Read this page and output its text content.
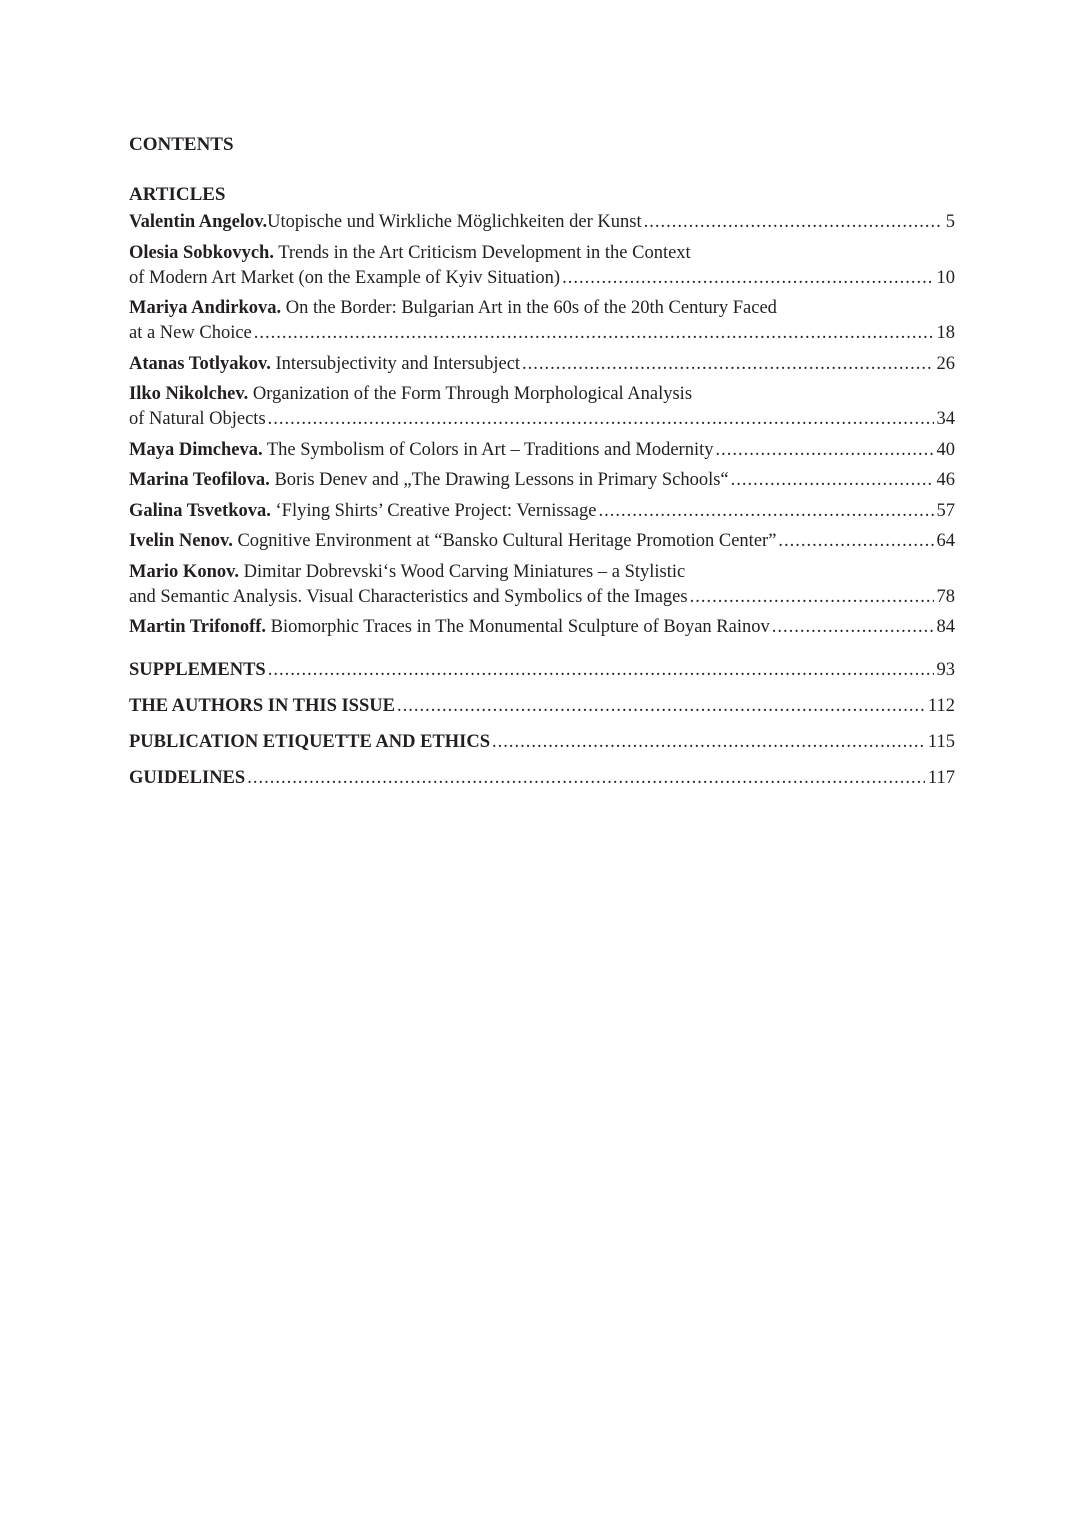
CONTENTS
ARTICLES
Valentin Angelov.Utopische und Wirkliche Möglichkeiten der Kunst .....	5
Olesia Sobkovych. Trends in the Art Criticism Development in the Context
of Modern Art Market (on the Example of Kyiv Situation) .....	10
Mariya Andirkova. On the Border: Bulgarian Art in the 60s of the 20th Century Faced
at a New Choice .....	18
Atanas Totlyakov. Intersubjectivity and Intersubject .....	26
Ilko Nikolchev. Organization of the Form Through Morphological Analysis
of Natural Objects .....	34
Maya Dimcheva. The Symbolism of Colors in Art – Traditions and Modernity .....	40
Marina Teofilova. Boris Denev and „The Drawing Lessons in Primary Schools“ .....	46
Galina Tsvetkova. ‘Flying Shirts’ Creative Project: Vernissage .....	57
Ivelin Nenov. Cognitive Environment at “Bansko Cultural Heritage Promotion Center” .....	64
Mario Konov. Dimitar Dobrevski‘s Wood Carving Miniatures – a Stylistic
and Semantic Analysis. Visual Characteristics and Symbolics of the Images .....	78
Martin Trifonoff. Biomorphic Traces in The Monumental Sculpture of Boyan Rainov .....	84
SUPPLEMENTS .....	93
THE AUTHORS IN THIS ISSUE .....	112
PUBLICATION ETIQUETTE AND ETHICS .....	115
GUIDELINES .....	117
